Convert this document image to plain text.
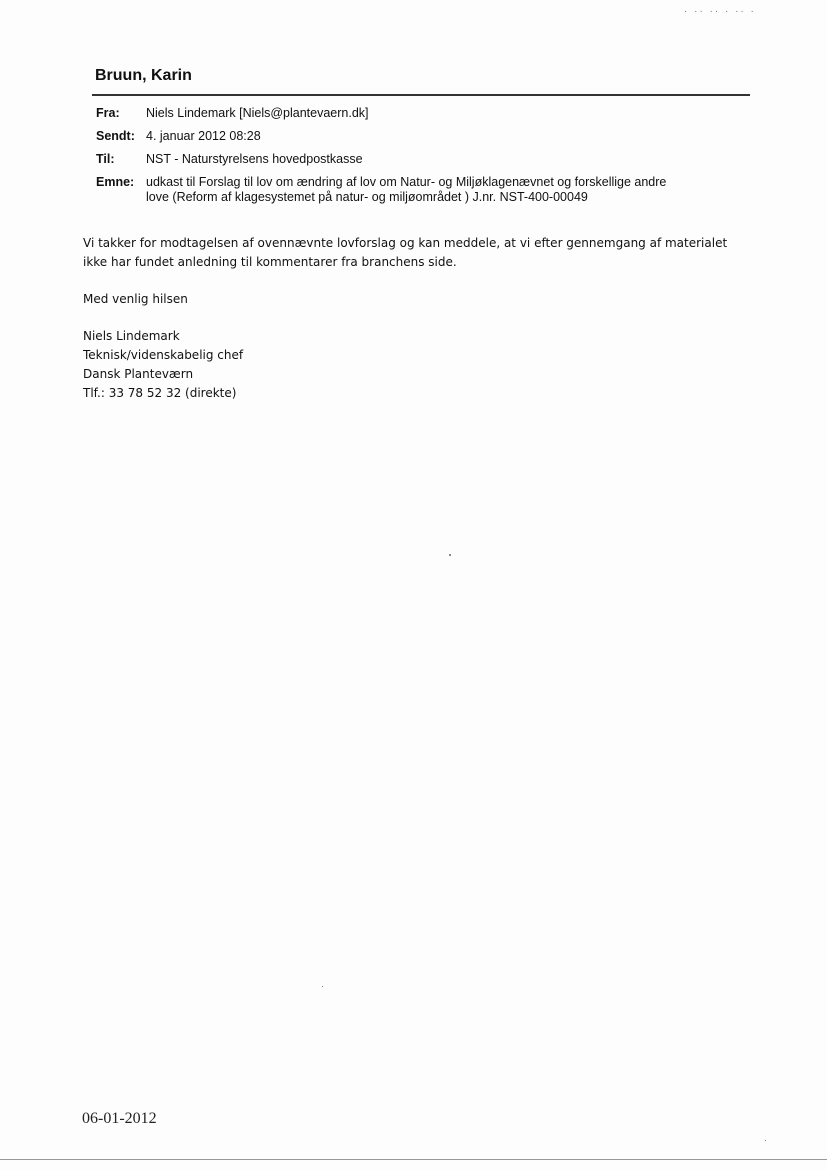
· ·· ·· · ·· ·
Bruun, Karin
Fra:	Niels Lindemark [Niels@plantevaern.dk]
Sendt: 4. januar 2012 08:28
Til:	NST - Naturstyrelsens hovedpostkasse
Emne: udkast til Forslag til lov om ændring af lov om Natur- og Miljøklagenævnet og forskellige andre
love (Reform af klagesystemet på natur- og miljøområdet ) J.nr. NST-400-00049

Vi takker for modtagelsen af ovennævnte lovforslag og kan meddele, at vi efter gennemgang af materialet
ikke har fundet anledning til kommentarer fra branchens side.

Med venlig hilsen

Niels Lindemark
Teknisk/videnskabelig chef
Dansk Planteværn
Tlf.: 33 78 52 32 (direkte)

06-01-2012
